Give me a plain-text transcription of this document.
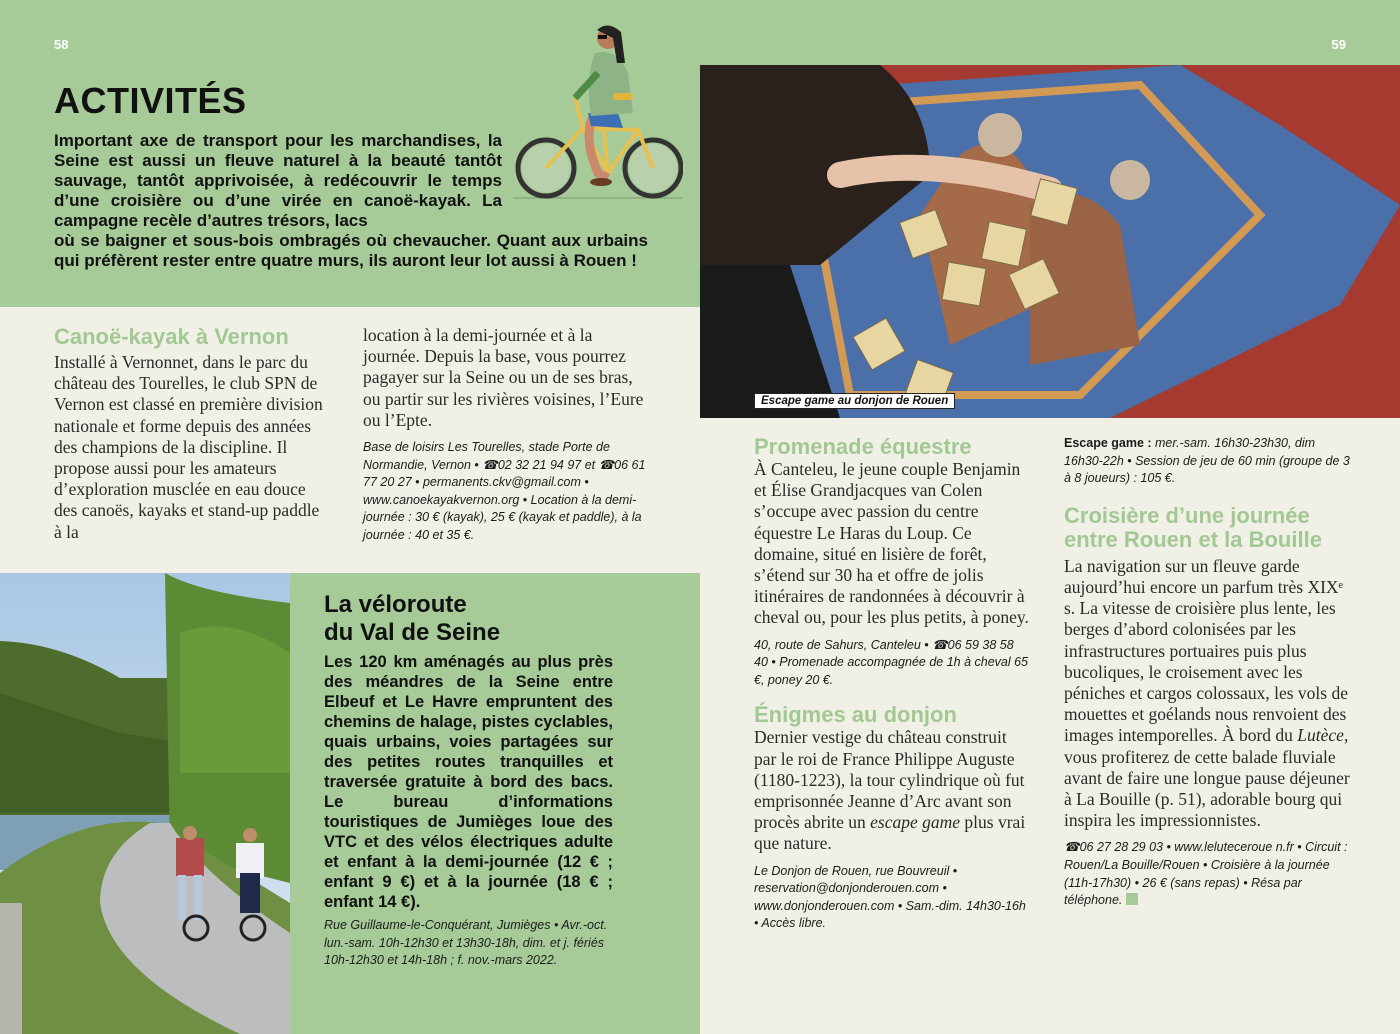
58
ACTIVITÉS
Important axe de transport pour les marchandises, la Seine est aussi un fleuve naturel à la beauté tantôt sauvage, tantôt apprivoisée, à redécouvrir le temps d’une croisière ou d’une virée en canoë-kayak. La campagne recèle d’autres trésors, lacs
où se baigner et sous-bois ombragés où chevaucher. Quant aux urbains qui préfèrent rester entre quatre murs, ils auront leur lot aussi à Rouen !
Canoë-kayak à Vernon

Installé à Vernonnet, dans le parc du château des Tourelles, le club SPN de Vernon est classé en première division nationale et forme depuis des années des champions de la discipline. Il propose aussi pour les amateurs d’exploration musclée en eau douce des canoës, kayaks et stand-up paddle à la

location à la demi-journée et à la journée. Depuis la base, vous pourrez pagayer sur la Seine ou un de ses bras, ou partir sur les rivières voisines, l’Eure ou l’Epte.

Base de loisirs Les Tourelles, stade Porte de Normandie, Vernon • ☎02 32 21 94 97 et ☎06 61 77 20 27 • permanents.ckv@gmail.com • www.canoekayakvernon.org • Location à la demi-journée : 30 € (kayak), 25 € (kayak et paddle), à la journée : 40 et 35 €.

La véloroute
du Val de Seine

Les 120 km aménagés au plus près des méandres de la Seine entre Elbeuf et Le Havre empruntent des chemins de halage, pistes cyclables, quais urbains, voies partagées sur des petites routes tranquilles et traversée gratuite à bord des bacs. Le bureau d’informations touristiques de Jumièges loue des VTC et des vélos électriques adulte et enfant à la demi-journée (12 € ; enfant 9 €) et à la journée (18 € ; enfant 14 €).

Rue Guillaume-le-Conquérant, Jumièges • Avr.-oct. lun.-sam. 10h-12h30 et 13h30-18h, dim. et j. fériés 10h-12h30 et 14h-18h ; f. nov.-mars 2022.

59
Escape game au donjon de Rouen
Promenade équestre

À Canteleu, le jeune couple Benjamin et Élise Grandjacques van Colen s’occupe avec passion du centre équestre Le Haras du Loup. Ce domaine, situé en lisière de forêt, s’étend sur 30 ha et offre de jolis itinéraires de randonnées à découvrir à cheval ou, pour les plus petits, à poney.

40, route de Sahurs, Canteleu • ☎06 59 38 58 40 • Promenade accompagnée de 1h à cheval 65 €, poney 20 €.

Énigmes au donjon

Dernier vestige du château construit par le roi de France Philippe Auguste (1180-1223), la tour cylindrique où fut emprisonnée Jeanne d’Arc avant son procès abrite un escape game plus vrai que nature.

Le Donjon de Rouen, rue Bouvreuil • reservation@donjonderouen.com • www.donjonderouen.com • Sam.-dim. 14h30-16h • Accès libre.

Escape game : mer.-sam. 16h30-23h30, dim 16h30-22h • Session de jeu de 60 min (groupe de 3 à 8 joueurs) : 105 €.

Croisière d’une journée entre Rouen et la Bouille

La navigation sur un fleuve garde aujourd’hui encore un parfum très XIXᵉ s. La vitesse de croisière plus lente, les berges d’abord colonisées par les infrastructures portuaires puis plus bucoliques, le croisement avec les péniches et cargos colossaux, les vols de mouettes et goélands nous renvoient des images intemporelles. À bord du Lutèce, vous profiterez de cette balade fluviale avant de faire une longue pause déjeuner à La Bouille (p. 51), adorable bourg qui inspira les impressionnistes.

☎06 27 28 29 03 • www.leluteceroue n.fr • Circuit : Rouen/La Bouille/Rouen • Croisière à la journée (11h-17h30) • 26 € (sans repas) • Résa par téléphone.
